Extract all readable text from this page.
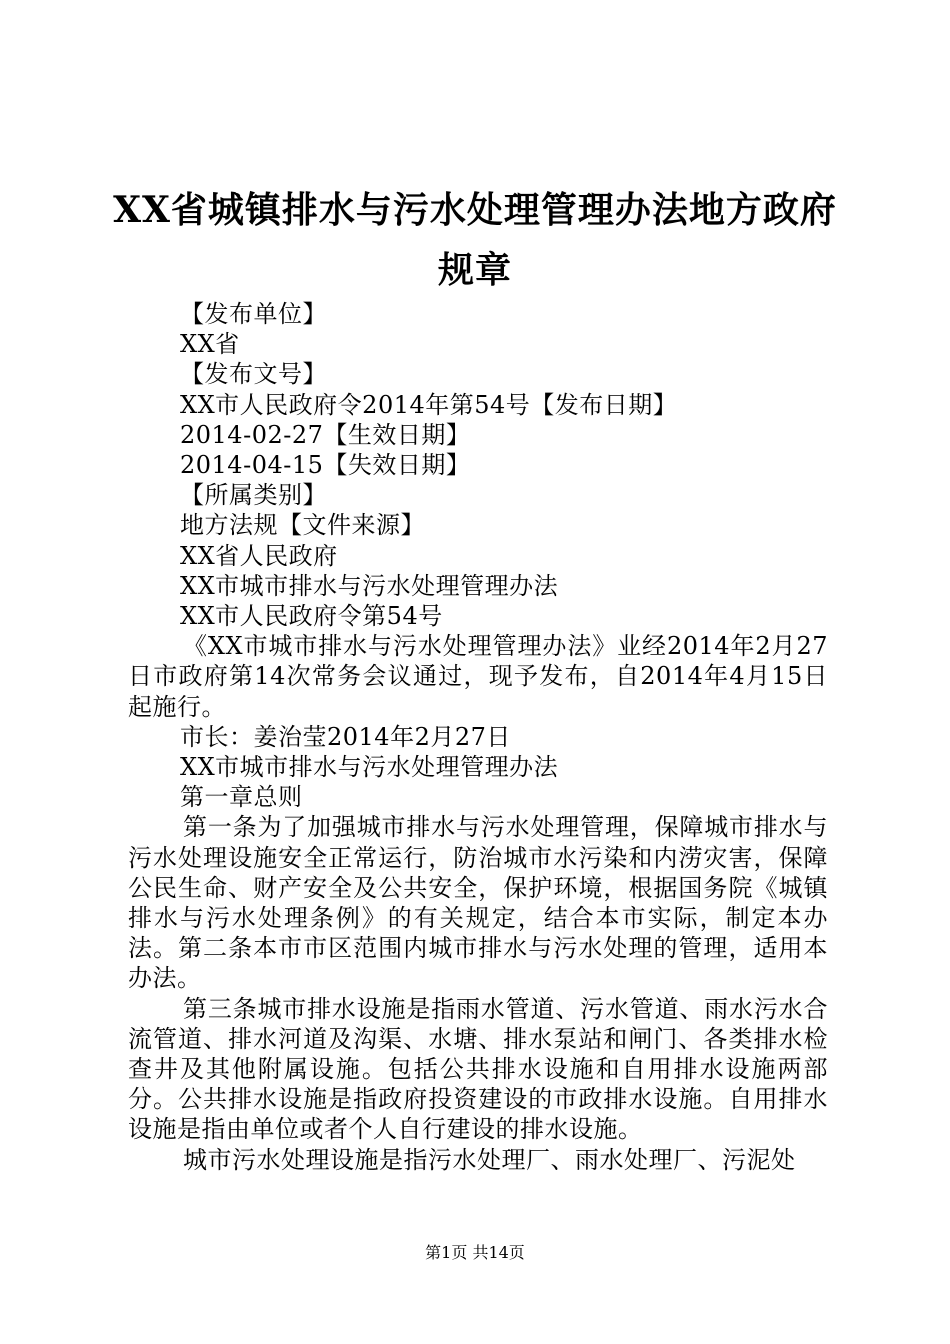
XX省城镇排水与污水处理管理办法地方政府
规章

【发布单位】

XX省

【发布文号】

XX市人民政府令2014年第54号【发布日期】

2014-02-27【生效日期】

2014-04-15【失效日期】

【所属类别】

地方法规【文件来源】

XX省人民政府

XX市城市排水与污水处理管理办法

XX市人民政府令第54号

《XX市城市排水与污水处理管理办法》业经2014年2月27日市政府第14次常务会议通过，现予发布，自2014年4月15日起施行。

市长：姜治莹2014年2月27日

XX市城市排水与污水处理管理办法

第一章总则

第一条为了加强城市排水与污水处理管理，保障城市排水与污水处理设施安全正常运行，防治城市水污染和内涝灾害，保障公民生命、财产安全及公共安全，保护环境，根据国务院《城镇排水与污水处理条例》的有关规定，结合本市实际，制定本办法。第二条本市市区范围内城市排水与污水处理的管理，适用本办法。

第三条城市排水设施是指雨水管道、污水管道、雨水污水合流管道、排水河道及沟渠、水塘、排水泵站和闸门、各类排水检查井及其他附属设施。包括公共排水设施和自用排水设施两部分。公共排水设施是指政府投资建设的市政排水设施。自用排水设施是指由单位或者个人自行建设的排水设施。

城市污水处理设施是指污水处理厂、雨水处理厂、污泥处

第1页 共14页
